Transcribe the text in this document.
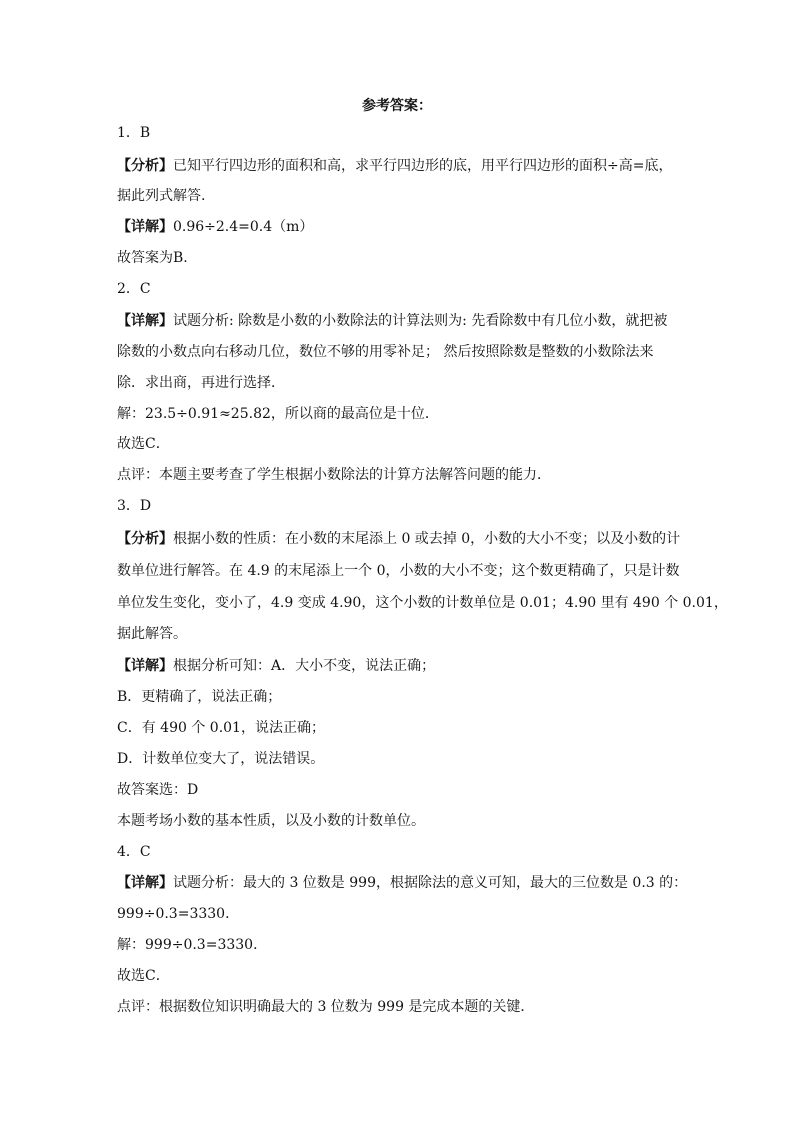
参考答案：
1．B
【分析】已知平行四边形的面积和高，求平行四边形的底，用平行四边形的面积÷高=底，
据此列式解答.
【详解】0.96÷2.4=0.4（m）
故答案为B.
2．C
【详解】试题分析: 除数是小数的小数除法的计算法则为: 先看除数中有几位小数，就把被
除数的小数点向右移动几位，数位不够的用零补足； 然后按照除数是整数的小数除法来
除．求出商，再进行选择．
解：23.5÷0.91≈25.82，所以商的最高位是十位．
故选C．
点评：本题主要考查了学生根据小数除法的计算方法解答问题的能力．
3．D
【分析】根据小数的性质：在小数的末尾添上 0 或去掉 0，小数的大小不变；以及小数的计
数单位进行解答。在 4.9 的末尾添上一个 0，小数的大小不变；这个数更精确了，只是计数
单位发生变化，变小了，4.9 变成 4.90，这个小数的计数单位是 0.01；4.90 里有 490 个 0.01，
据此解答。
【详解】根据分析可知：A．大小不变，说法正确；
B．更精确了，说法正确；
C．有 490 个 0.01，说法正确；
D．计数单位变大了，说法错误。
故答案选：D
本题考场小数的基本性质，以及小数的计数单位。
4．C
【详解】试题分析：最大的 3 位数是 999，根据除法的意义可知，最大的三位数是 0.3 的：
999÷0.3=3330．
解：999÷0.3=3330．
故选C．
点评：根据数位知识明确最大的 3 位数为 999 是完成本题的关键．
